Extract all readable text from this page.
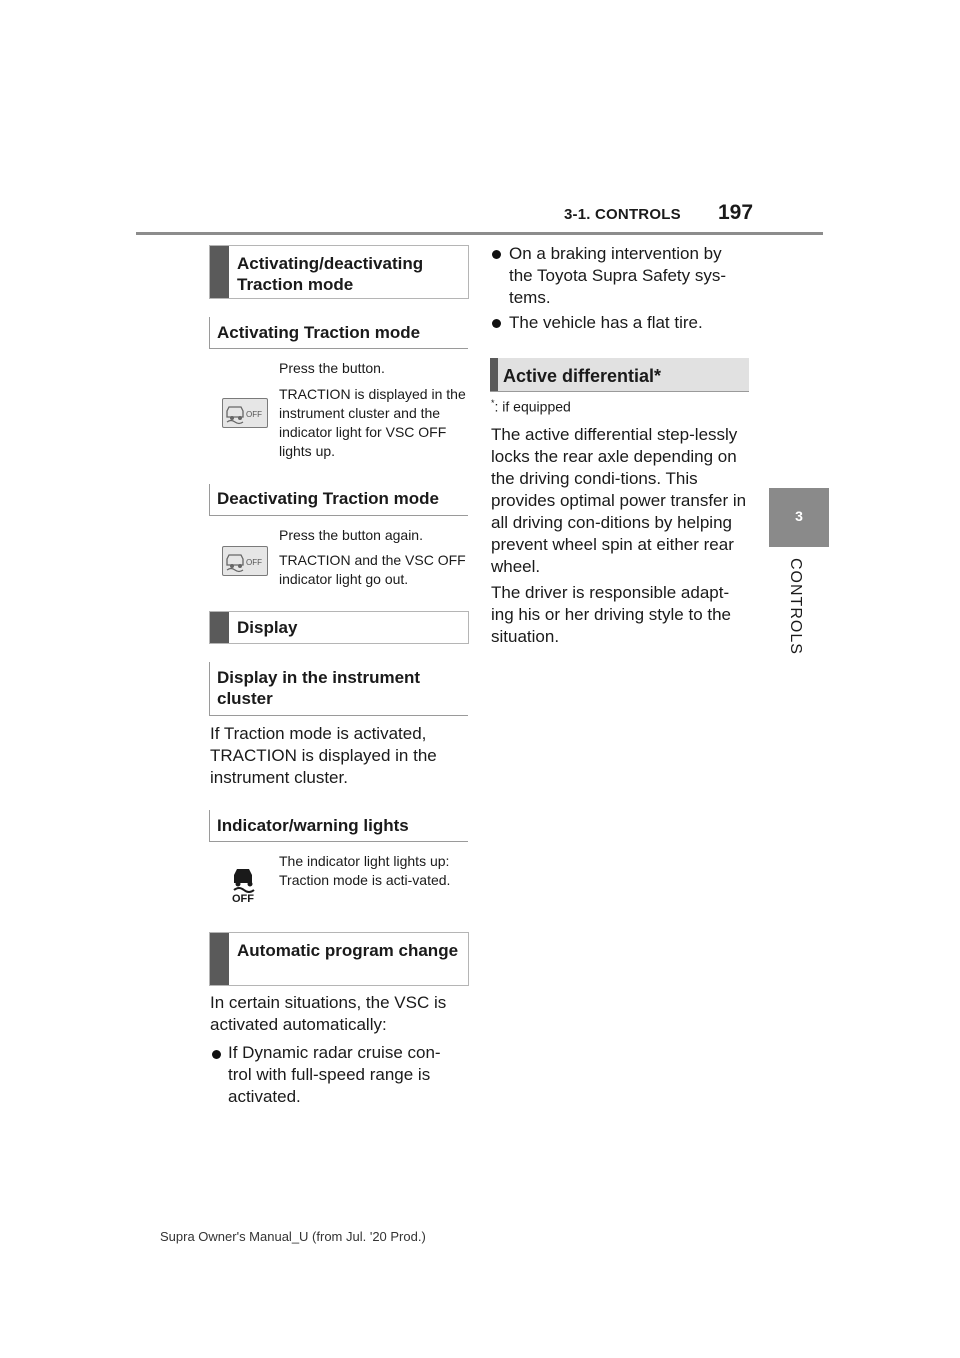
3-1. CONTROLS 197
3
CONTROLS
Activating/deactivating Traction mode
Activating Traction mode
Press the button.
OFF
TRACTION is displayed in the instrument cluster and the indicator light for VSC OFF lights up.
Deactivating Traction mode
Press the button again.
OFF TRACTION and the VSC OFF indicator light go out.
Display
Display in the instrument cluster
If Traction mode is activated, TRACTION is displayed in the instrument cluster.
Indicator/warning lights
OFF
The indicator light lights up: Traction mode is acti-vated.
Automatic program change
In certain situations, the VSC is activated automatically:
If Dynamic radar cruise con-trol with full-speed range is activated.
On a braking intervention by the Toyota Supra Safety sys-tems.
The vehicle has a flat tire.
Active differential*
*: if equipped
The active differential step-lessly locks the rear axle depending on the driving condi-tions. This provides optimal power transfer in all driving con-ditions by helping prevent wheel spin at either rear wheel.
The driver is responsible adapt-ing his or her driving style to the situation.
Supra Owner's Manual_U (from Jul. '20 Prod.)
